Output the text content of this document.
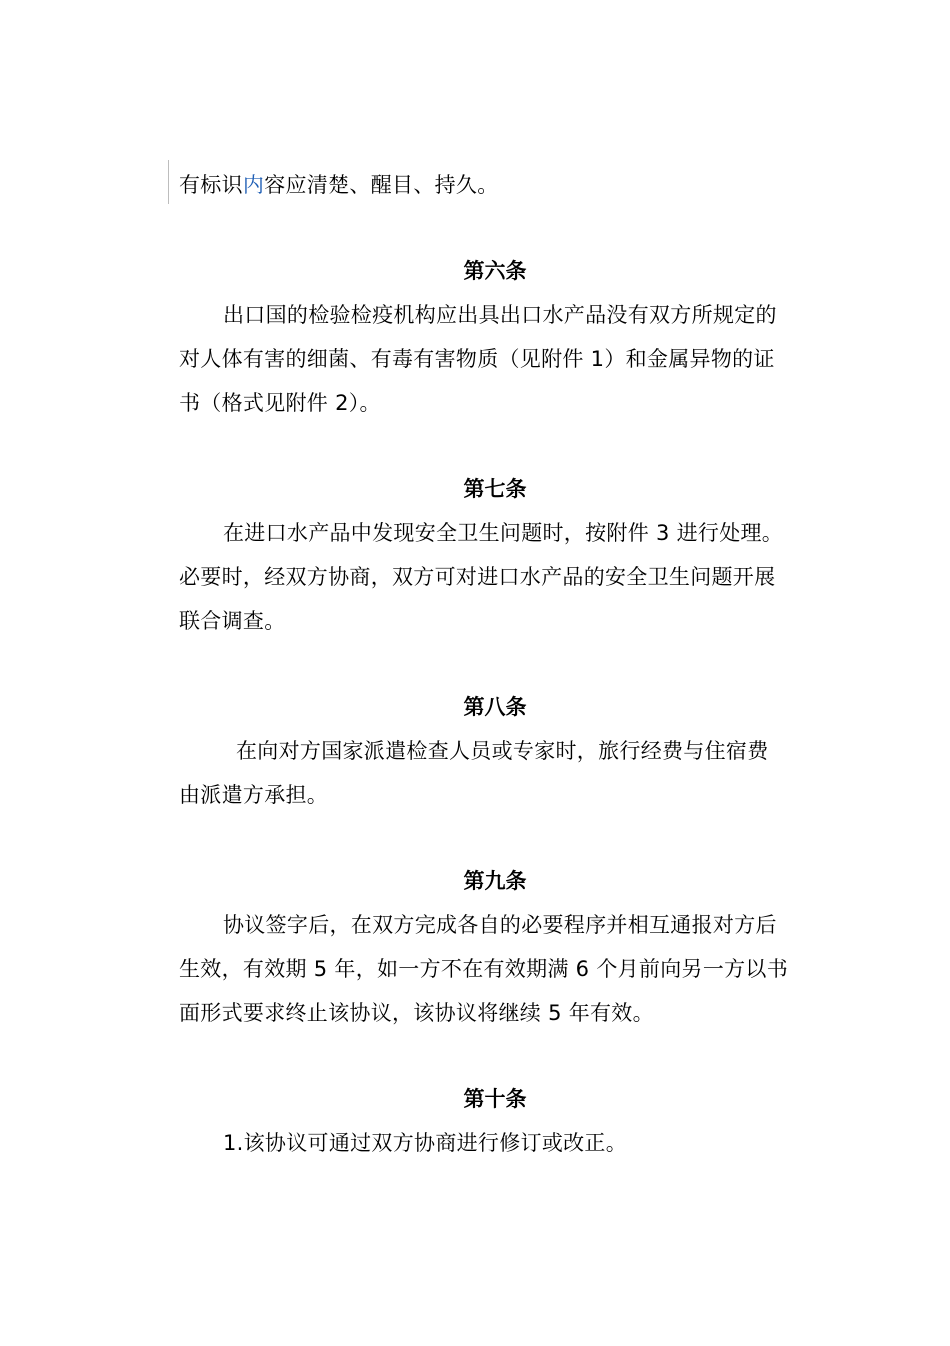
有标识内容应清楚、醒目、持久。
第六条
出口国的检验检疫机构应出具出口水产品没有双方所规定的
对人体有害的细菌、有毒有害物质（见附件 1）和金属异物的证
书（格式见附件 2）。
第七条
在进口水产品中发现安全卫生问题时，按附件 3 进行处理。
必要时，经双方协商，双方可对进口水产品的安全卫生问题开展
联合调查。
第八条
在向对方国家派遣检查人员或专家时，旅行经费与住宿费
由派遣方承担。
第九条
协议签字后，在双方完成各自的必要程序并相互通报对方后
生效，有效期 5 年，如一方不在有效期满 6 个月前向另一方以书
面形式要求终止该协议，该协议将继续 5 年有效。
第十条
1.该协议可通过双方协商进行修订或改正。
